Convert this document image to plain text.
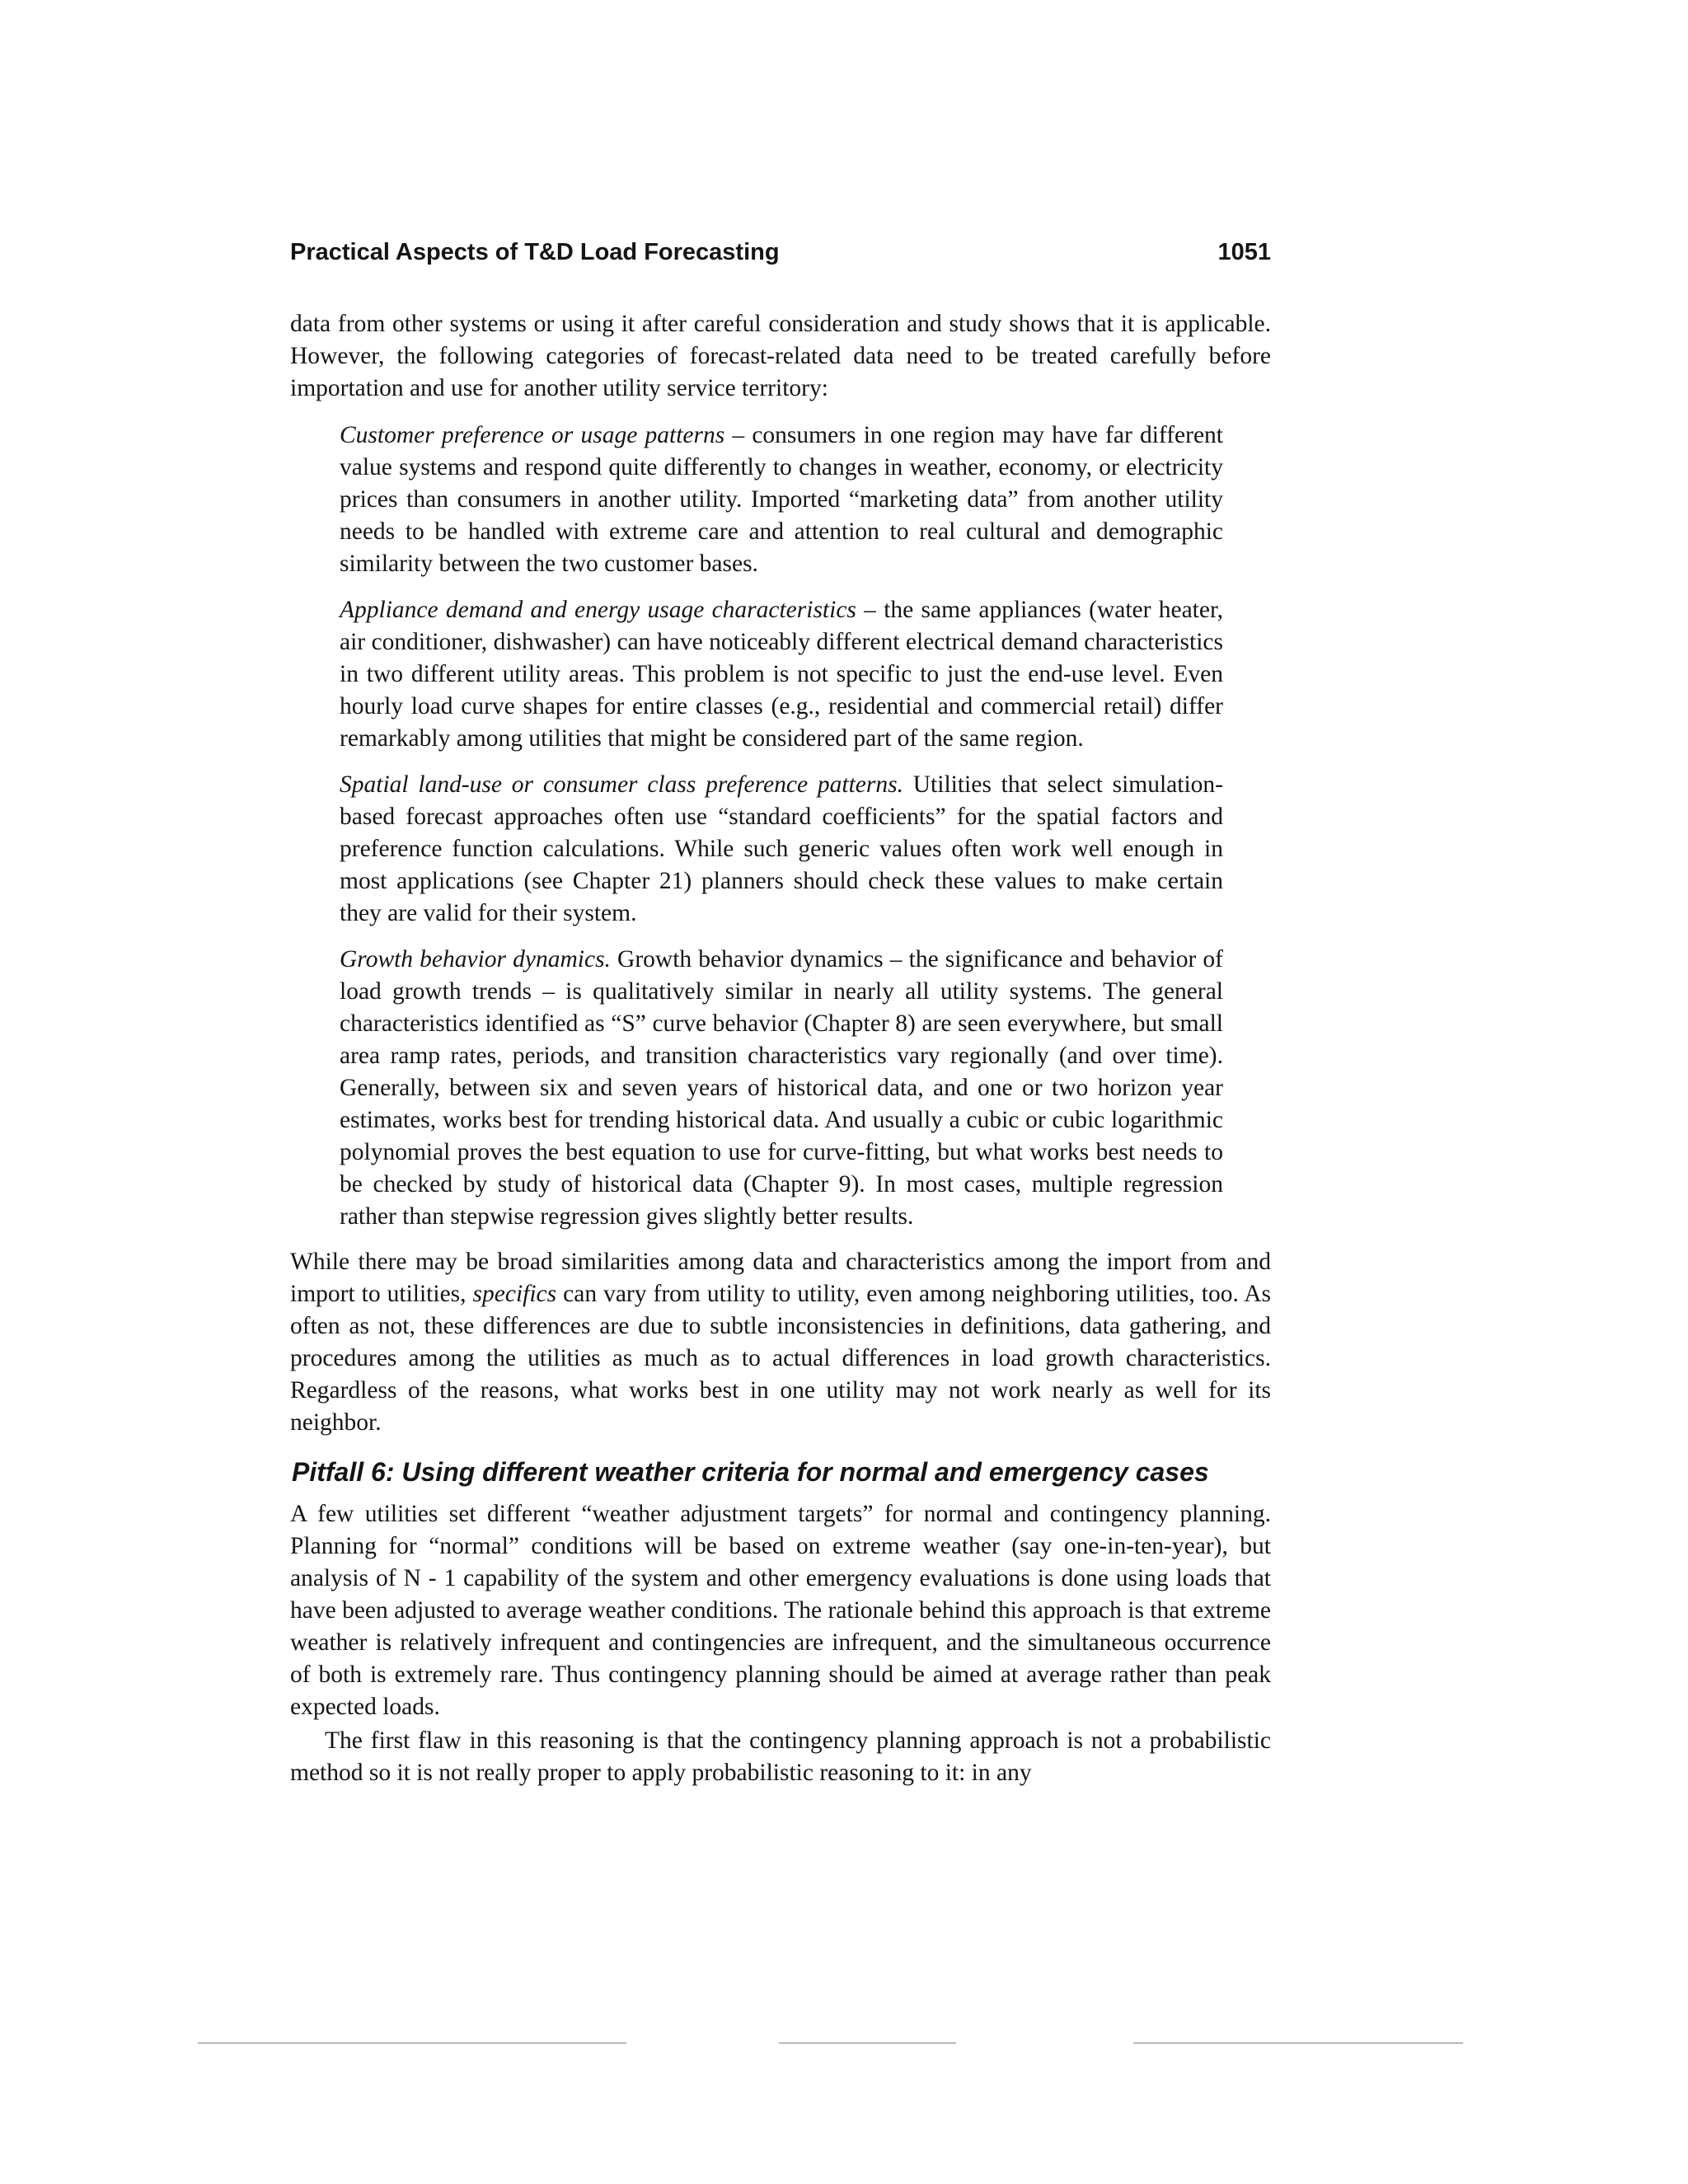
Practical Aspects of T&D Load Forecasting	1051

data from other systems or using it after careful consideration and study shows that it is applicable. However, the following categories of forecast-related data need to be treated carefully before importation and use for another utility service territory:

Customer preference or usage patterns – consumers in one region may have far different value systems and respond quite differently to changes in weather, economy, or electricity prices than consumers in another utility. Imported “marketing data” from another utility needs to be handled with extreme care and attention to real cultural and demographic similarity between the two customer bases.

Appliance demand and energy usage characteristics – the same appliances (water heater, air conditioner, dishwasher) can have noticeably different electrical demand characteristics in two different utility areas. This problem is not specific to just the end-use level. Even hourly load curve shapes for entire classes (e.g., residential and commercial retail) differ remarkably among utilities that might be considered part of the same region.

Spatial land-use or consumer class preference patterns. Utilities that select simulation-based forecast approaches often use “standard coefficients” for the spatial factors and preference function calculations. While such generic values often work well enough in most applications (see Chapter 21) planners should check these values to make certain they are valid for their system.

Growth behavior dynamics. Growth behavior dynamics – the significance and behavior of load growth trends – is qualitatively similar in nearly all utility systems. The general characteristics identified as “S” curve behavior (Chapter 8) are seen everywhere, but small area ramp rates, periods, and transition characteristics vary regionally (and over time). Generally, between six and seven years of historical data, and one or two horizon year estimates, works best for trending historical data. And usually a cubic or cubic logarithmic polynomial proves the best equation to use for curve-fitting, but what works best needs to be checked by study of historical data (Chapter 9). In most cases, multiple regression rather than stepwise regression gives slightly better results.

While there may be broad similarities among data and characteristics among the import from and import to utilities, specifics can vary from utility to utility, even among neighboring utilities, too. As often as not, these differences are due to subtle inconsistencies in definitions, data gathering, and procedures among the utilities as much as to actual differences in load growth characteristics. Regardless of the reasons, what works best in one utility may not work nearly as well for its neighbor.

Pitfall 6: Using different weather criteria for normal and emergency cases

A few utilities set different “weather adjustment targets” for normal and contingency planning. Planning for “normal” conditions will be based on extreme weather (say one-in-ten-year), but analysis of N - 1 capability of the system and other emergency evaluations is done using loads that have been adjusted to average weather conditions. The rationale behind this approach is that extreme weather is relatively infrequent and contingencies are infrequent, and the simultaneous occurrence of both is extremely rare. Thus contingency planning should be aimed at average rather than peak expected loads.

The first flaw in this reasoning is that the contingency planning approach is not a probabilistic method so it is not really proper to apply probabilistic reasoning to it: in any
